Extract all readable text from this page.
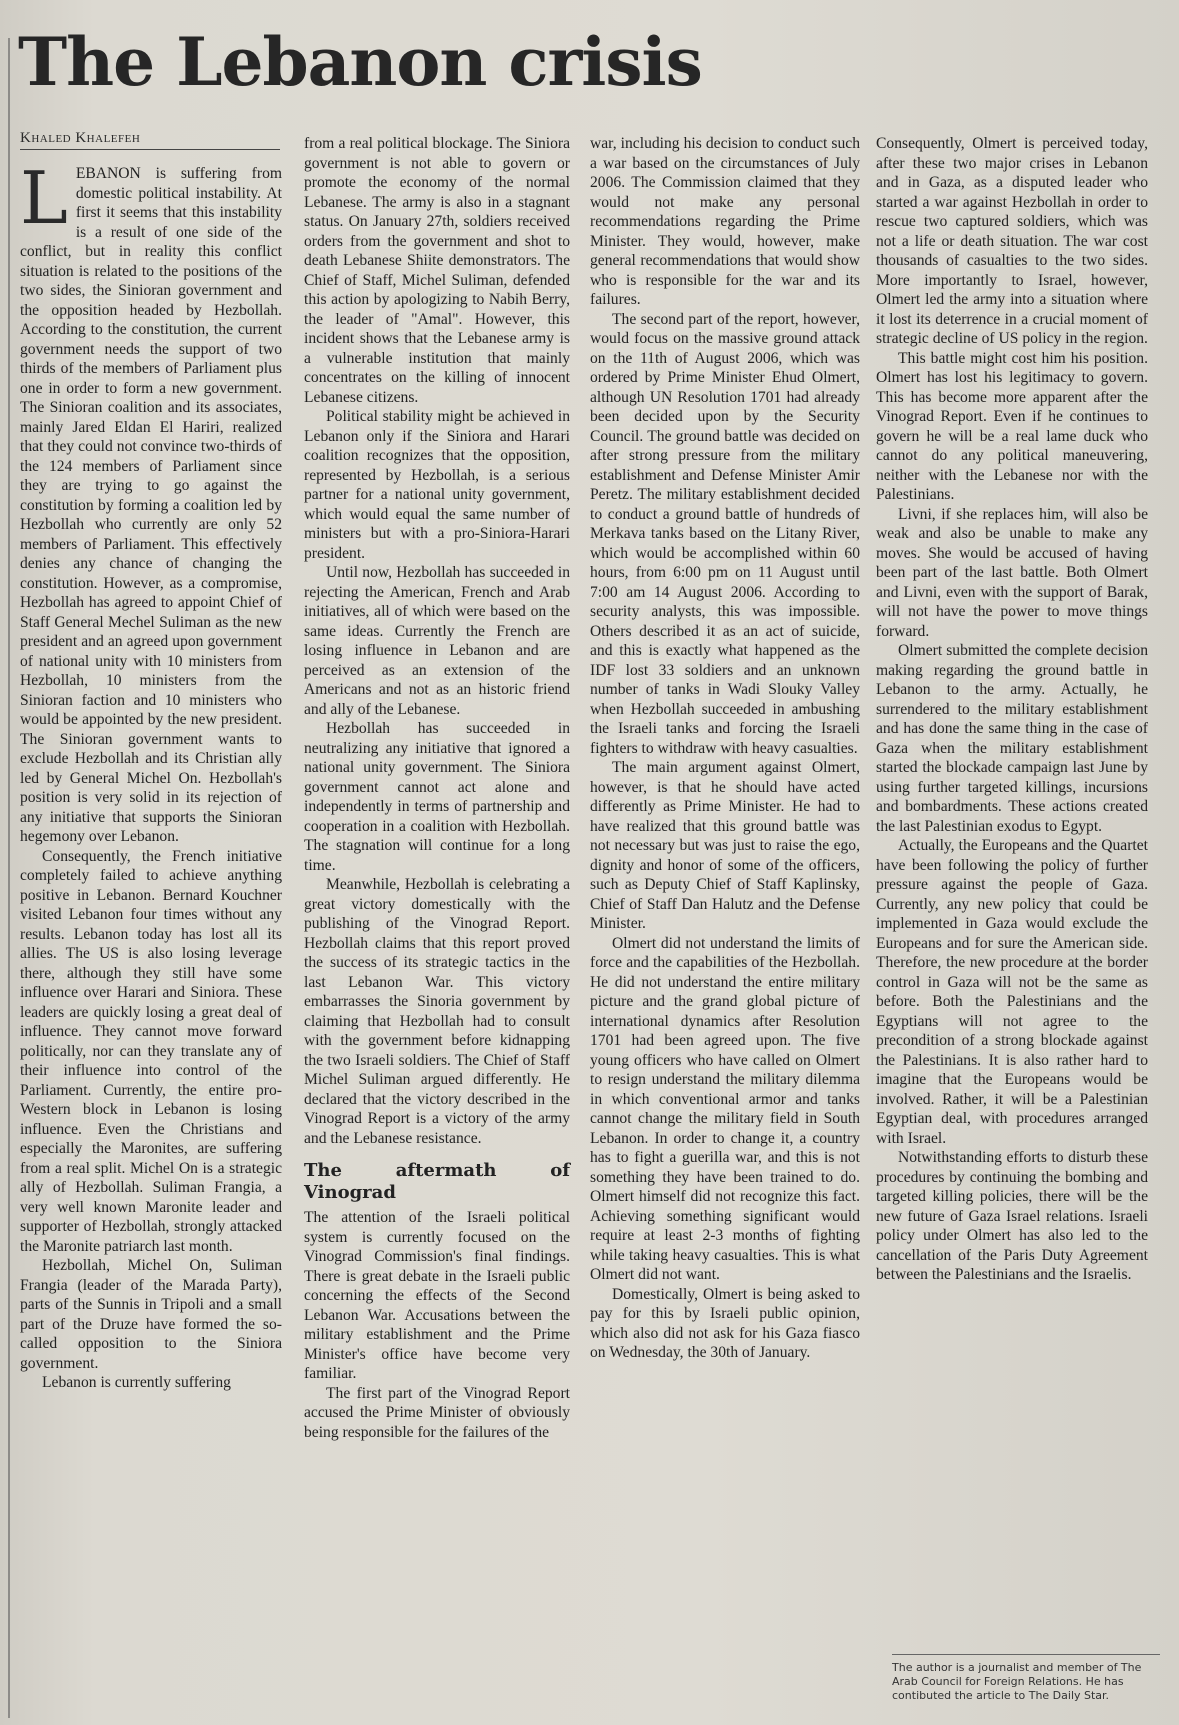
The Lebanon crisis
Khaled Khalefeh

LEBANON is suffering from domestic political instability. At first it seems that this instability is a result of one side of the conflict, but in reality this conflict situation is related to the positions of the two sides, the Sinioran government and the opposition headed by Hezbollah. According to the constitution, the current government needs the support of two thirds of the members of Parliament plus one in order to form a new government. The Sinioran coalition and its associates, mainly Jared Eldan El Hariri, realized that they could not convince two-thirds of the 124 members of Parliament since they are trying to go against the constitution by forming a coalition led by Hezbollah who currently are only 52 members of Parliament. This effectively denies any chance of changing the constitution. However, as a compromise, Hezbollah has agreed to appoint Chief of Staff General Mechel Suliman as the new president and an agreed upon government of national unity with 10 ministers from Hezbollah, 10 ministers from the Sinioran faction and 10 ministers who would be appointed by the new president. The Sinioran government wants to exclude Hezbollah and its Christian ally led by General Michel On. Hezbollah's position is very solid in its rejection of any initiative that supports the Sinioran hegemony over Lebanon.

Consequently, the French initiative completely failed to achieve anything positive in Lebanon. Bernard Kouchner visited Lebanon four times without any results. Lebanon today has lost all its allies. The US is also losing leverage there, although they still have some influence over Harari and Siniora. These leaders are quickly losing a great deal of influence. They cannot move forward politically, nor can they translate any of their influence into control of the Parliament. Currently, the entire pro-Western block in Lebanon is losing influence. Even the Christians and especially the Maronites, are suffering from a real split. Michel On is a strategic ally of Hezbollah. Suliman Frangia, a very well known Maronite leader and supporter of Hezbollah, strongly attacked the Maronite patriarch last month.

Hezbollah, Michel On, Suliman Frangia (leader of the Marada Party), parts of the Sunnis in Tripoli and a small part of the Druze have formed the so-called opposition to the Siniora government.

Lebanon is currently suffering

from a real political blockage. The Siniora government is not able to govern or promote the economy of the normal Lebanese. The army is also in a stagnant status. On January 27th, soldiers received orders from the government and shot to death Lebanese Shiite demonstrators. The Chief of Staff, Michel Suliman, defended this action by apologizing to Nabih Berry, the leader of "Amal". However, this incident shows that the Lebanese army is a vulnerable institution that mainly concentrates on the killing of innocent Lebanese citizens.

Political stability might be achieved in Lebanon only if the Siniora and Harari coalition recognizes that the opposition, represented by Hezbollah, is a serious partner for a national unity government, which would equal the same number of ministers but with a pro-Siniora-Harari president.

Until now, Hezbollah has succeeded in rejecting the American, French and Arab initiatives, all of which were based on the same ideas. Currently the French are losing influence in Lebanon and are perceived as an extension of the Americans and not as an historic friend and ally of the Lebanese.

Hezbollah has succeeded in neutralizing any initiative that ignored a national unity government. The Siniora government cannot act alone and independently in terms of partnership and cooperation in a coalition with Hezbollah. The stagnation will continue for a long time.

Meanwhile, Hezbollah is celebrating a great victory domestically with the publishing of the Vinograd Report. Hezbollah claims that this report proved the success of its strategic tactics in the last Lebanon War. This victory embarrasses the Sinoria government by claiming that Hezbollah had to consult with the government before kidnapping the two Israeli soldiers. The Chief of Staff Michel Suliman argued differently. He declared that the victory described in the Vinograd Report is a victory of the army and the Lebanese resistance.

The aftermath of Vinograd

The attention of the Israeli political system is currently focused on the Vinograd Commission's final findings. There is great debate in the Israeli public concerning the effects of the Second Lebanon War. Accusations between the military establishment and the Prime Minister's office have become very familiar.

The first part of the Vinograd Report accused the Prime Minister of obviously being responsible for the failures of the

war, including his decision to conduct such a war based on the circumstances of July 2006. The Commission claimed that they would not make any personal recommendations regarding the Prime Minister. They would, however, make general recommendations that would show who is responsible for the war and its failures.

The second part of the report, however, would focus on the massive ground attack on the 11th of August 2006, which was ordered by Prime Minister Ehud Olmert, although UN Resolution 1701 had already been decided upon by the Security Council. The ground battle was decided on after strong pressure from the military establishment and Defense Minister Amir Peretz. The military establishment decided to conduct a ground battle of hundreds of Merkava tanks based on the Litany River, which would be accomplished within 60 hours, from 6:00 pm on 11 August until 7:00 am 14 August 2006. According to security analysts, this was impossible. Others described it as an act of suicide, and this is exactly what happened as the IDF lost 33 soldiers and an unknown number of tanks in Wadi Slouky Valley when Hezbollah succeeded in ambushing the Israeli tanks and forcing the Israeli fighters to withdraw with heavy casualties.

The main argument against Olmert, however, is that he should have acted differently as Prime Minister. He had to have realized that this ground battle was not necessary but was just to raise the ego, dignity and honor of some of the officers, such as Deputy Chief of Staff Kaplinsky, Chief of Staff Dan Halutz and the Defense Minister.

Olmert did not understand the limits of force and the capabilities of the Hezbollah. He did not understand the entire military picture and the grand global picture of international dynamics after Resolution 1701 had been agreed upon. The five young officers who have called on Olmert to resign understand the military dilemma in which conventional armor and tanks cannot change the military field in South Lebanon. In order to change it, a country has to fight a guerilla war, and this is not something they have been trained to do. Olmert himself did not recognize this fact. Achieving something significant would require at least 2-3 months of fighting while taking heavy casualties. This is what Olmert did not want.

Domestically, Olmert is being asked to pay for this by Israeli public opinion, which also did not ask for his Gaza fiasco on Wednesday, the 30th of January.

Consequently, Olmert is perceived today, after these two major crises in Lebanon and in Gaza, as a disputed leader who started a war against Hezbollah in order to rescue two captured soldiers, which was not a life or death situation. The war cost thousands of casualties to the two sides. More importantly to Israel, however, Olmert led the army into a situation where it lost its deterrence in a crucial moment of strategic decline of US policy in the region.

This battle might cost him his position. Olmert has lost his legitimacy to govern. This has become more apparent after the Vinograd Report. Even if he continues to govern he will be a real lame duck who cannot do any political maneuvering, neither with the Lebanese nor with the Palestinians.

Livni, if she replaces him, will also be weak and also be unable to make any moves. She would be accused of having been part of the last battle. Both Olmert and Livni, even with the support of Barak, will not have the power to move things forward.

Olmert submitted the complete decision making regarding the ground battle in Lebanon to the army. Actually, he surrendered to the military establishment and has done the same thing in the case of Gaza when the military establishment started the blockade campaign last June by using further targeted killings, incursions and bombardments. These actions created the last Palestinian exodus to Egypt.

Actually, the Europeans and the Quartet have been following the policy of further pressure against the people of Gaza. Currently, any new policy that could be implemented in Gaza would exclude the Europeans and for sure the American side. Therefore, the new procedure at the border control in Gaza will not be the same as before. Both the Palestinians and the Egyptians will not agree to the precondition of a strong blockade against the Palestinians. It is also rather hard to imagine that the Europeans would be involved. Rather, it will be a Palestinian Egyptian deal, with procedures arranged with Israel.

Notwithstanding efforts to disturb these procedures by continuing the bombing and targeted killing policies, there will be the new future of Gaza Israel relations. Israeli policy under Olmert has also led to the cancellation of the Paris Duty Agreement between the Palestinians and the Israelis.

The author is a journalist and member of The Arab Council for Foreign Relations. He has contibuted the article to The Daily Star.
